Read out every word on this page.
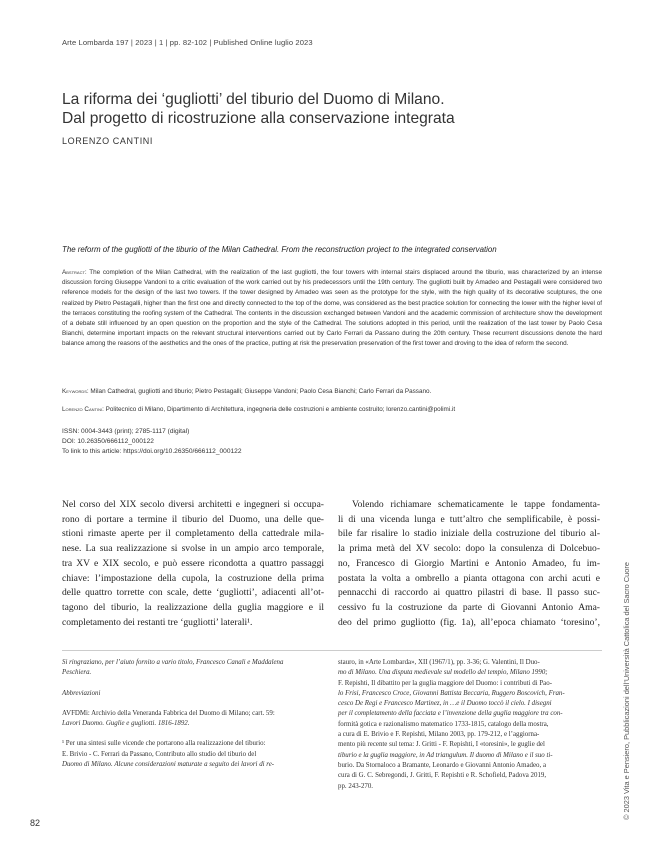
Arte Lombarda 197 | 2023 | 1 | pp. 82-102 | Published Online luglio 2023
La riforma dei ‘gugliotti’ del tiburio del Duomo di Milano.
Dal progetto di ricostruzione alla conservazione integrata
LORENZO CANTINI
The reform of the gugliotti of the tiburio of the Milan Cathedral. From the reconstruction project to the integrated conservation
Abstract: The completion of the Milan Cathedral, with the realization of the last gugliotti, the four towers with internal stairs displaced around the tiburio, was characterized by an intense discussion forcing Giuseppe Vandoni to a critic evaluation of the work carried out by his predecessors until the 19th century. The gugliotti built by Amadeo and Pestagalli were considered two reference models for the design of the last two towers. If the tower designed by Amadeo was seen as the prototype for the style, with the high quality of its decorative sculptures, the one realized by Pietro Pestagalli, higher than the first one and directly connected to the top of the dome, was considered as the best practice solution for connecting the lower with the higher level of the terraces constituting the roofing system of the Cathedral. The contents in the discussion exchanged between Vandoni and the academic commission of architecture show the development of a debate still influenced by an open question on the proportion and the style of the Cathedral. The solutions adopted in this period, until the realization of the last tower by Paolo Cesa Bianchi, determine important impacts on the relevant structural interventions carried out by Carlo Ferrari da Passano during the 20th century. These recurrent discussions denote the hard balance among the reasons of the aesthetics and the ones of the practice, putting at risk the preservation preservation of the first tower and droving to the idea of reform the second.
Keywords: Milan Cathedral, gugliotti and tiburio; Pietro Pestagalli; Giuseppe Vandoni; Paolo Cesa Bianchi; Carlo Ferrari da Passano.
Lorenzo Cantini: Politecnico di Milano, Dipartimento di Architettura, ingegneria delle costruzioni e ambiente costruito; lorenzo.cantini@polimi.it
ISSN: 0004-3443 (print); 2785-1117 (digital)
DOI: 10.26350/666112_000122
To link to this article: https://doi.org/10.26350/666112_000122
Nel corso del XIX secolo diversi architetti e ingegneri si occupa-
rono di portare a termine il tiburio del Duomo, una delle que-
stioni rimaste aperte per il completamento della cattedrale mila-
nese. La sua realizzazione si svolse in un ampio arco temporale,
tra XV e XIX secolo, e può essere ricondotta a quattro passaggi
chiave: l’impostazione della cupola, la costruzione della prima
delle quattro torrette con scale, dette ‘gugliotti’, adiacenti all’ot-
tagono del tiburio, la realizzazione della guglia maggiore e il
completamento dei restanti tre ‘gugliotti’ laterali¹.
Volendo richiamare schematicamente le tappe fondamenta-
li di una vicenda lunga e tutt’altro che semplificabile, è possi-
bile far risalire lo stadio iniziale della costruzione del tiburio al-
la prima metà del XV secolo: dopo la consulenza di Dolcebuo-
no, Francesco di Giorgio Martini e Antonio Amadeo, fu im-
postata la volta a ombrello a pianta ottagona con archi acuti e
pennacchi di raccordo ai quattro pilastri di base. Il passo suc-
cessivo fu la costruzione da parte di Giovanni Antonio Ama-
deo del primo gugliotto (fig. 1a), all’epoca chiamato ‘toresino’,
Si ringraziano, per l’aiuto fornito a vario titolo, Francesco Canali e Maddalena
Peschiera.
Abbreviazioni
AVFDMi: Archivio della Veneranda Fabbrica del Duomo di Milano; cart. 59:
Lavori Duomo. Guglie e gugliotti. 1816-1892.
¹ Per una sintesi sulle vicende che portarono alla realizzazione del tiburio:
E. Brivio - C. Ferrari da Passano, Contributo allo studio del tiburio del
Duomo di Milano. Alcune considerazioni maturate a seguito dei lavori di re-
stauro, in «Arte Lombarda», XII (1967/1), pp. 3-36; G. Valentini, Il Duo-
mo di Milano. Una disputa medievale sul modello del tempio, Milano 1990;
F. Repishti, Il dibattito per la guglia maggiore del Duomo: i contributi di Pao-
lo Frisi, Francesco Croce, Giovanni Battista Beccaria, Ruggero Boscovich, Fran-
cesco De Regi e Francesco Martinez, in …e il Duomo toccò il cielo. I disegni
per il completamento della facciata e l’invenzione della guglia maggiore tra con-
formità gotica e razionalismo matematico 1733-1815, catalogo della mostra,
a cura di E. Brivio e F. Repishti, Milano 2003, pp. 179-212, e l’aggiorna-
mento più recente sul tema: J. Gritti - F. Repishti, I «toresini», le guglie del
tiburio e la guglia maggiore, in Ad triangulum. Il duomo di Milano e il suo ti-
burio. Da Stornaloco a Bramante, Leonardo e Giovanni Antonio Amadeo, a
cura di G. C. Sebregondi, J. Gritti, F. Repishti e R. Schofield, Padova 2019,
pp. 243-270.
82
© 2023 Vita e Pensiero, Pubblicazioni dell’Università Cattolica del Sacro Cuore
